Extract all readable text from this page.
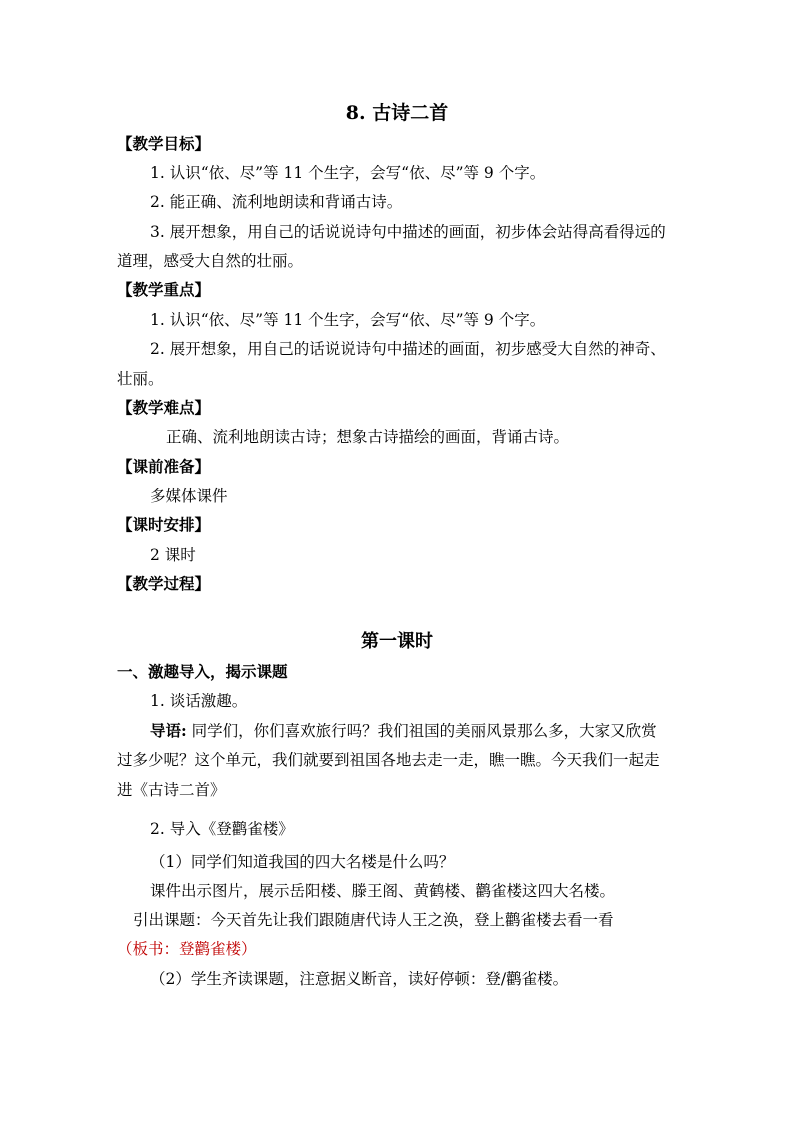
8. 古诗二首
【教学目标】
1. 认识“依、尽”等 11 个生字，会写“依、尽”等 9 个字。
2. 能正确、流利地朗读和背诵古诗。
3. 展开想象，用自己的话说说诗句中描述的画面，初步体会站得高看得远的
道理，感受大自然的壮丽。
【教学重点】
1. 认识“依、尽”等 11 个生字，会写“依、尽”等 9 个字。
2. 展开想象，用自己的话说说诗句中描述的画面，初步感受大自然的神奇、
壮丽。
【教学难点】
正确、流利地朗读古诗；想象古诗描绘的画面，背诵古诗。
【课前准备】
多媒体课件
【课时安排】
2 课时
【教学过程】
第一课时
一、激趣导入，揭示课题
1. 谈话激趣。
导语: 同学们，你们喜欢旅行吗？我们祖国的美丽风景那么多，大家又欣赏
过多少呢？这个单元，我们就要到祖国各地去走一走，瞧一瞧。今天我们一起走
进《古诗二首》
2. 导入《登鹳雀楼》
（1）同学们知道我国的四大名楼是什么吗？
课件出示图片，展示岳阳楼、滕王阁、黄鹤楼、鹳雀楼这四大名楼。
引出课题：今天首先让我们跟随唐代诗人王之涣，登上鹳雀楼去看一看
（板书：登鹳雀楼）
（2）学生齐读课题，注意据义断音，读好停顿：登/鹳雀楼。
